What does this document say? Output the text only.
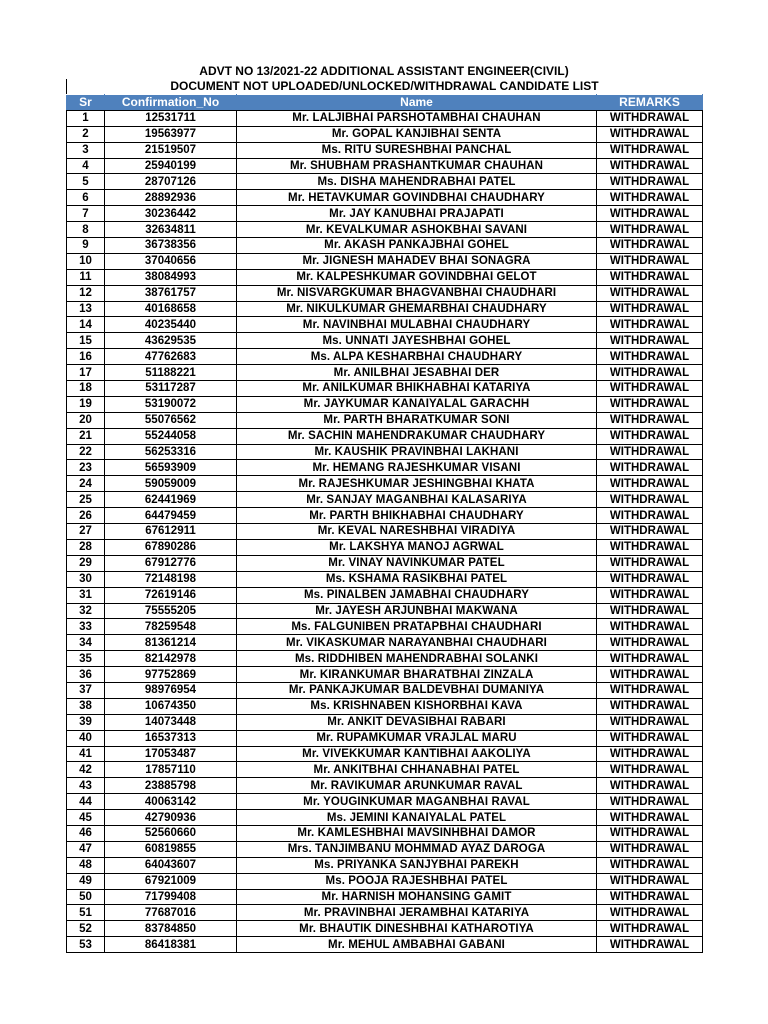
ADVT NO 13/2021-22 ADDITIONAL ASSISTANT ENGINEER(CIVIL)
DOCUMENT NOT UPLOADED/UNLOCKED/WITHDRAWAL CANDIDATE LIST
Sr	Confirmation_No	Name	REMARKS
1	12531711	Mr. LALJIBHAI PARSHOTAMBHAI CHAUHAN	WITHDRAWAL
2	19563977	Mr. GOPAL KANJIBHAI SENTA	WITHDRAWAL
3	21519507	Ms. RITU SURESHBHAI PANCHAL	WITHDRAWAL
4	25940199	Mr. SHUBHAM PRASHANTKUMAR CHAUHAN	WITHDRAWAL
5	28707126	Ms. DISHA MAHENDRABHAI PATEL	WITHDRAWAL
6	28892936	Mr. HETAVKUMAR GOVINDBHAI CHAUDHARY	WITHDRAWAL
7	30236442	Mr. JAY KANUBHAI PRAJAPATI	WITHDRAWAL
8	32634811	Mr. KEVALKUMAR ASHOKBHAI SAVANI	WITHDRAWAL
9	36738356	Mr. AKASH PANKAJBHAI GOHEL	WITHDRAWAL
10	37040656	Mr. JIGNESH MAHADEV BHAI SONAGRA	WITHDRAWAL
11	38084993	Mr. KALPESHKUMAR GOVINDBHAI GELOT	WITHDRAWAL
12	38761757	Mr. NISVARGKUMAR BHAGVANBHAI CHAUDHARI	WITHDRAWAL
13	40168658	Mr. NIKULKUMAR GHEMARBHAI CHAUDHARY	WITHDRAWAL
14	40235440	Mr. NAVINBHAI MULABHAI CHAUDHARY	WITHDRAWAL
15	43629535	Ms. UNNATI JAYESHBHAI GOHEL	WITHDRAWAL
16	47762683	Ms. ALPA KESHARBHAI CHAUDHARY	WITHDRAWAL
17	51188221	Mr. ANILBHAI JESABHAI DER	WITHDRAWAL
18	53117287	Mr. ANILKUMAR BHIKHABHAI KATARIYA	WITHDRAWAL
19	53190072	Mr. JAYKUMAR KANAIYALAL GARACHH	WITHDRAWAL
20	55076562	Mr. PARTH BHARATKUMAR SONI	WITHDRAWAL
21	55244058	Mr. SACHIN MAHENDRAKUMAR CHAUDHARY	WITHDRAWAL
22	56253316	Mr. KAUSHIK PRAVINBHAI LAKHANI	WITHDRAWAL
23	56593909	Mr. HEMANG RAJESHKUMAR VISANI	WITHDRAWAL
24	59059009	Mr. RAJESHKUMAR JESHINGBHAI KHATA	WITHDRAWAL
25	62441969	Mr. SANJAY MAGANBHAI KALASARIYA	WITHDRAWAL
26	64479459	Mr. PARTH BHIKHABHAI CHAUDHARY	WITHDRAWAL
27	67612911	Mr. KEVAL NARESHBHAI VIRADIYA	WITHDRAWAL
28	67890286	Mr. LAKSHYA MANOJ AGRWAL	WITHDRAWAL
29	67912776	Mr. VINAY NAVINKUMAR PATEL	WITHDRAWAL
30	72148198	Ms. KSHAMA RASIKBHAI PATEL	WITHDRAWAL
31	72619146	Ms. PINALBEN JAMABHAI CHAUDHARY	WITHDRAWAL
32	75555205	Mr. JAYESH ARJUNBHAI MAKWANA	WITHDRAWAL
33	78259548	Ms. FALGUNIBEN PRATAPBHAI CHAUDHARI	WITHDRAWAL
34	81361214	Mr. VIKASKUMAR NARAYANBHAI CHAUDHARI	WITHDRAWAL
35	82142978	Ms. RIDDHIBEN MAHENDRABHAI SOLANKI	WITHDRAWAL
36	97752869	Mr. KIRANKUMAR BHARATBHAI ZINZALA	WITHDRAWAL
37	98976954	Mr. PANKAJKUMAR BALDEVBHAI DUMANIYA	WITHDRAWAL
38	10674350	Ms. KRISHNABEN KISHORBHAI KAVA	WITHDRAWAL
39	14073448	Mr. ANKIT DEVASIBHAI RABARI	WITHDRAWAL
40	16537313	Mr. RUPAMKUMAR VRAJLAL MARU	WITHDRAWAL
41	17053487	Mr. VIVEKKUMAR KANTIBHAI AAKOLIYA	WITHDRAWAL
42	17857110	Mr. ANKITBHAI CHHANABHAI PATEL	WITHDRAWAL
43	23885798	Mr. RAVIKUMAR ARUNKUMAR RAVAL	WITHDRAWAL
44	40063142	Mr. YOUGINKUMAR MAGANBHAI RAVAL	WITHDRAWAL
45	42790936	Ms. JEMINI KANAIYALAL PATEL	WITHDRAWAL
46	52560660	Mr. KAMLESHBHAI MAVSINHBHAI DAMOR	WITHDRAWAL
47	60819855	Mrs. TANJIMBANU MOHMMAD AYAZ DAROGA	WITHDRAWAL
48	64043607	Ms. PRIYANKA SANJYBHAI PAREKH	WITHDRAWAL
49	67921009	Ms. POOJA RAJESHBHAI PATEL	WITHDRAWAL
50	71799408	Mr. HARNISH MOHANSING GAMIT	WITHDRAWAL
51	77687016	Mr. PRAVINBHAI JERAMBHAI KATARIYA	WITHDRAWAL
52	83784850	Mr. BHAUTIK DINESHBHAI KATHAROTIYA	WITHDRAWAL
53	86418381	Mr. MEHUL AMBABHAI GABANI	WITHDRAWAL
